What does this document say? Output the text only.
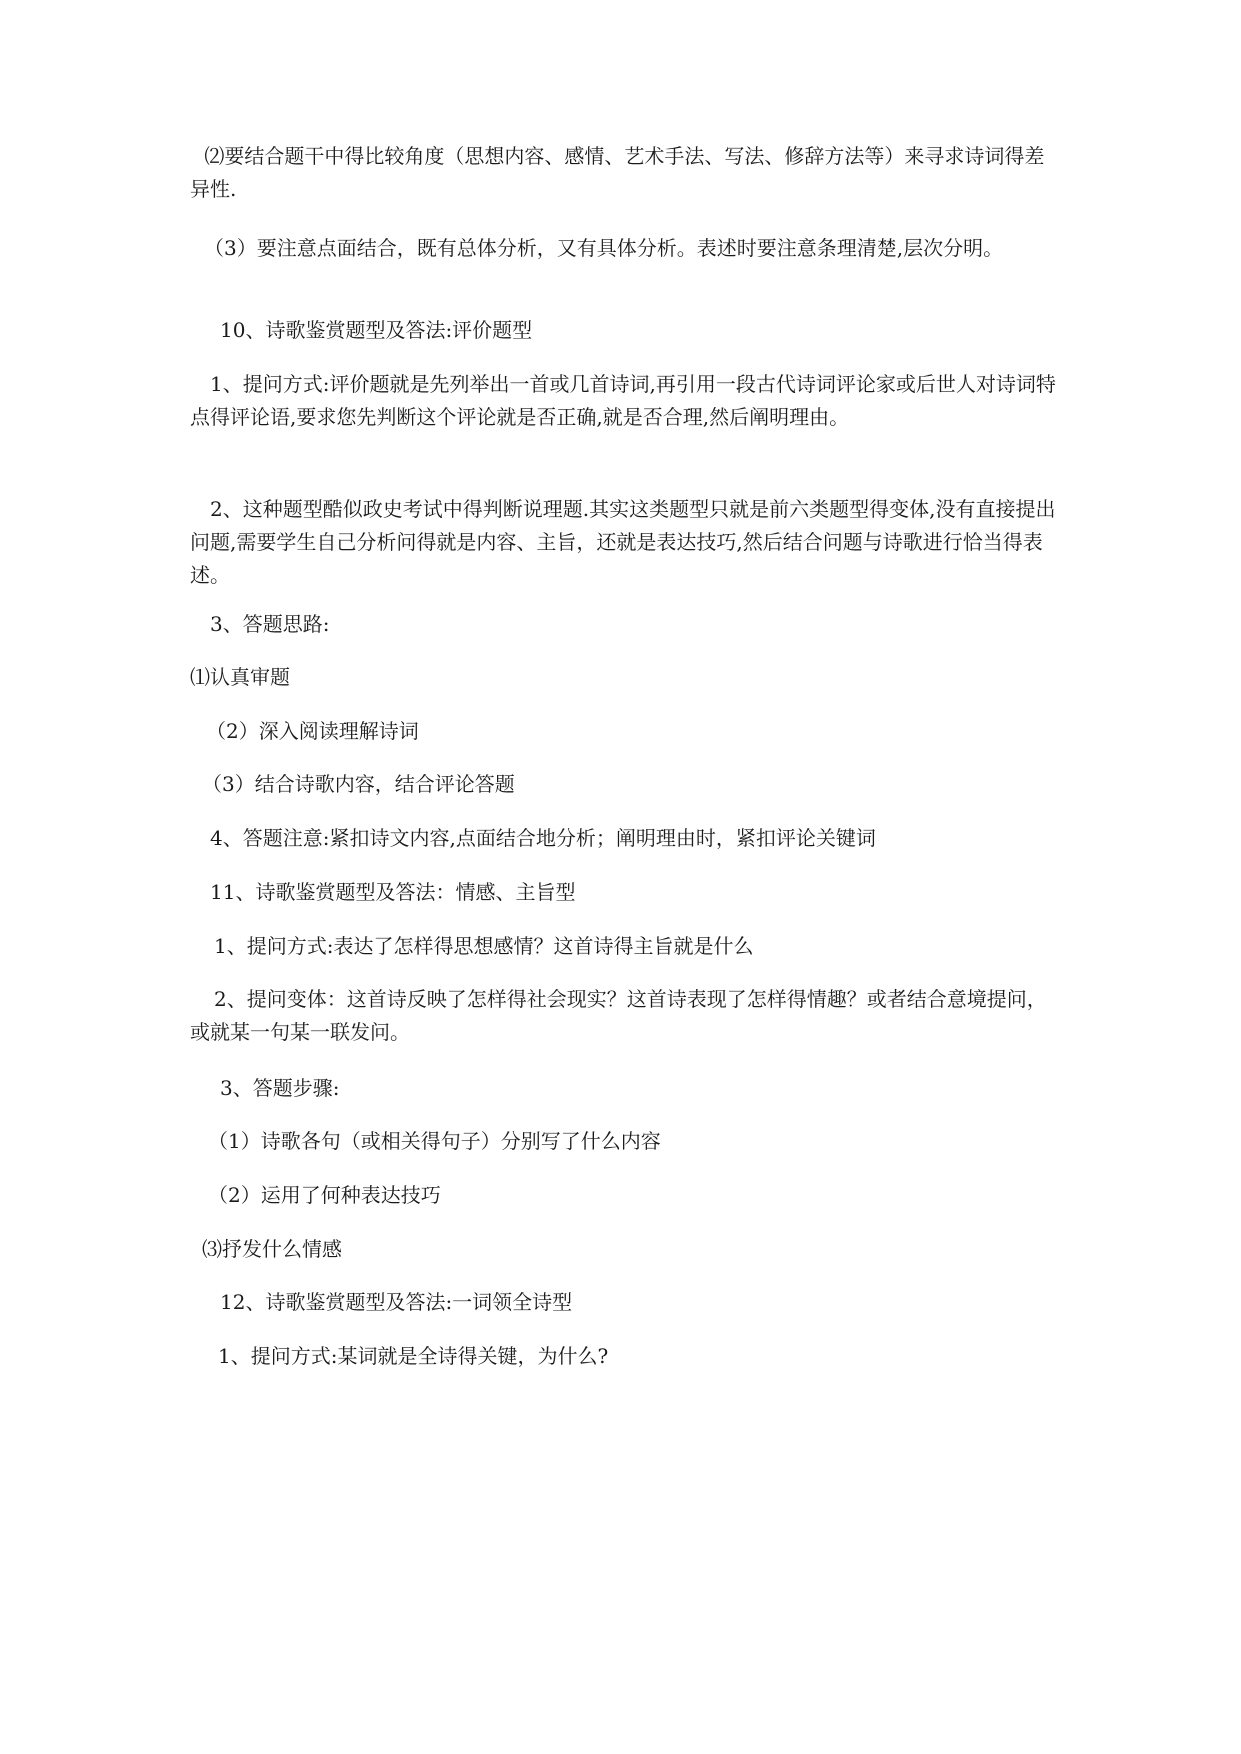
 ⑵要结合题干中得比较角度（思想内容、感情、艺术手法、写法、修辞方法等）来寻求诗词得差异性.

（3）要注意点面结合，既有总体分析，又有具体分析。表述时要注意条理清楚,层次分明。

10、诗歌鉴赏题型及答法:评价题型

1、提问方式:评价题就是先列举出一首或几首诗词,再引用一段古代诗词评论家或后世人对诗词特点得评论语,要求您先判断这个评论就是否正确,就是否合理,然后阐明理由。

2、这种题型酷似政史考试中得判断说理题.其实这类题型只就是前六类题型得变体,没有直接提出问题,需要学生自己分析问得就是内容、主旨，还就是表达技巧,然后结合问题与诗歌进行恰当得表述。

3、答题思路:

⑴认真审题

（2）深入阅读理解诗词

（3）结合诗歌内容，结合评论答题

4、答题注意:紧扣诗文内容,点面结合地分析；阐明理由时，紧扣评论关键词

11、诗歌鉴赏题型及答法：情感、主旨型

1、提问方式:表达了怎样得思想感情？这首诗得主旨就是什么

2、提问变体：这首诗反映了怎样得社会现实？这首诗表现了怎样得情趣？或者结合意境提问，或就某一句某一联发问。

3、答题步骤:

（1）诗歌各句（或相关得句子）分别写了什么内容

（2）运用了何种表达技巧

⑶抒发什么情感

12、诗歌鉴赏题型及答法:一词领全诗型

1、提问方式:某词就是全诗得关键，为什么?
